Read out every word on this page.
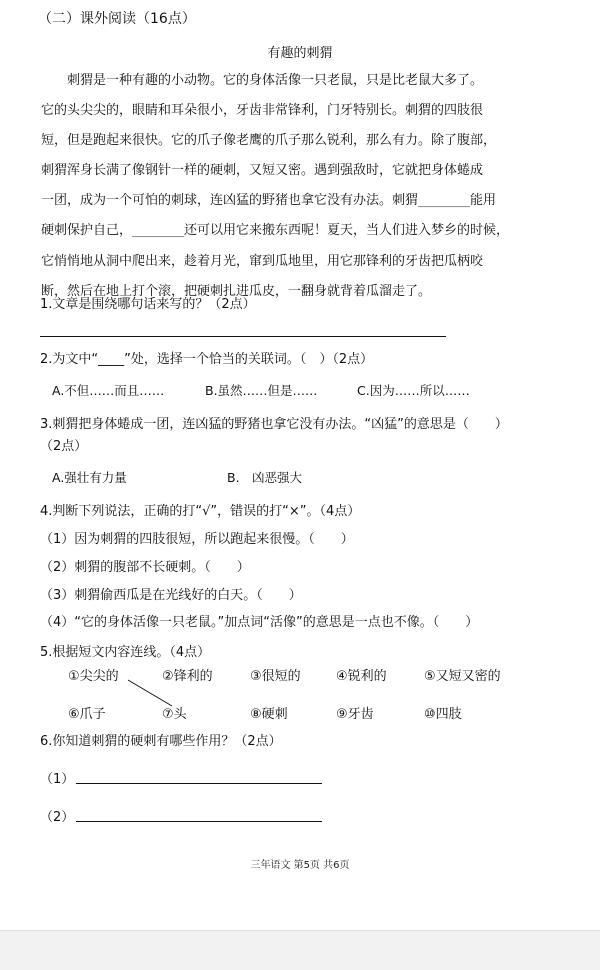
（二）课外阅读（16点）
有趣的刺猬
　　刺猬是一种有趣的小动物。它的身体活像一只老鼠，只是比老鼠大多了。
它的头尖尖的，眼睛和耳朵很小，牙齿非常锋利，门牙特别长。刺猬的四肢很
短，但是跑起来很快。它的爪子像老鹰的爪子那么锐利，那么有力。除了腹部，
刺猬浑身长满了像钢针一样的硬刺，又短又密。遇到强敌时，它就把身体蜷成
一团，成为一个可怕的刺球，连凶猛的野猪也拿它没有办法。刺猬________能用
硬刺保护自己，________还可以用它来搬东西呢！夏天，当人们进入梦乡的时候，
它悄悄地从洞中爬出来，趁着月光，窜到瓜地里，用它那锋利的牙齿把瓜柄咬
断，然后在地上打个滚，把硬刺扎进瓜皮，一翻身就背着瓜溜走了。
1.文章是围绕哪句话来写的？（2点）
2.为文中“____”处，选择一个恰当的关联词。（　）（2点）
A.不但……而且……	B.虽然……但是……	C.因为……所以……
3.刺猬把身体蜷成一团，连凶猛的野猪也拿它没有办法。“凶猛”的意思是（　　）
（2点）
A.强壮有力量	B.　凶恶强大
4.判断下列说法，正确的打“√”，错误的打“×”。（4点）
（1）因为刺猬的四肢很短，所以跑起来很慢。（　　）
（2）刺猬的腹部不长硬刺。（　　）
（3）刺猬偷西瓜是在光线好的白天。（　　）
（4）“它的身体活像一只老鼠。”加点词“活像”的意思是一点也不像。（　　）
5.根据短文内容连线。（4点）
①尖尖的	②锋利的	③很短的	④锐利的	⑤又短又密的
⑥爪子	⑦头	⑧硬刺	⑨牙齿	⑩四肢
6.你知道刺猬的硬刺有哪些作用？（2点）
（1）
（2）
三年语文 第5页 共6页
